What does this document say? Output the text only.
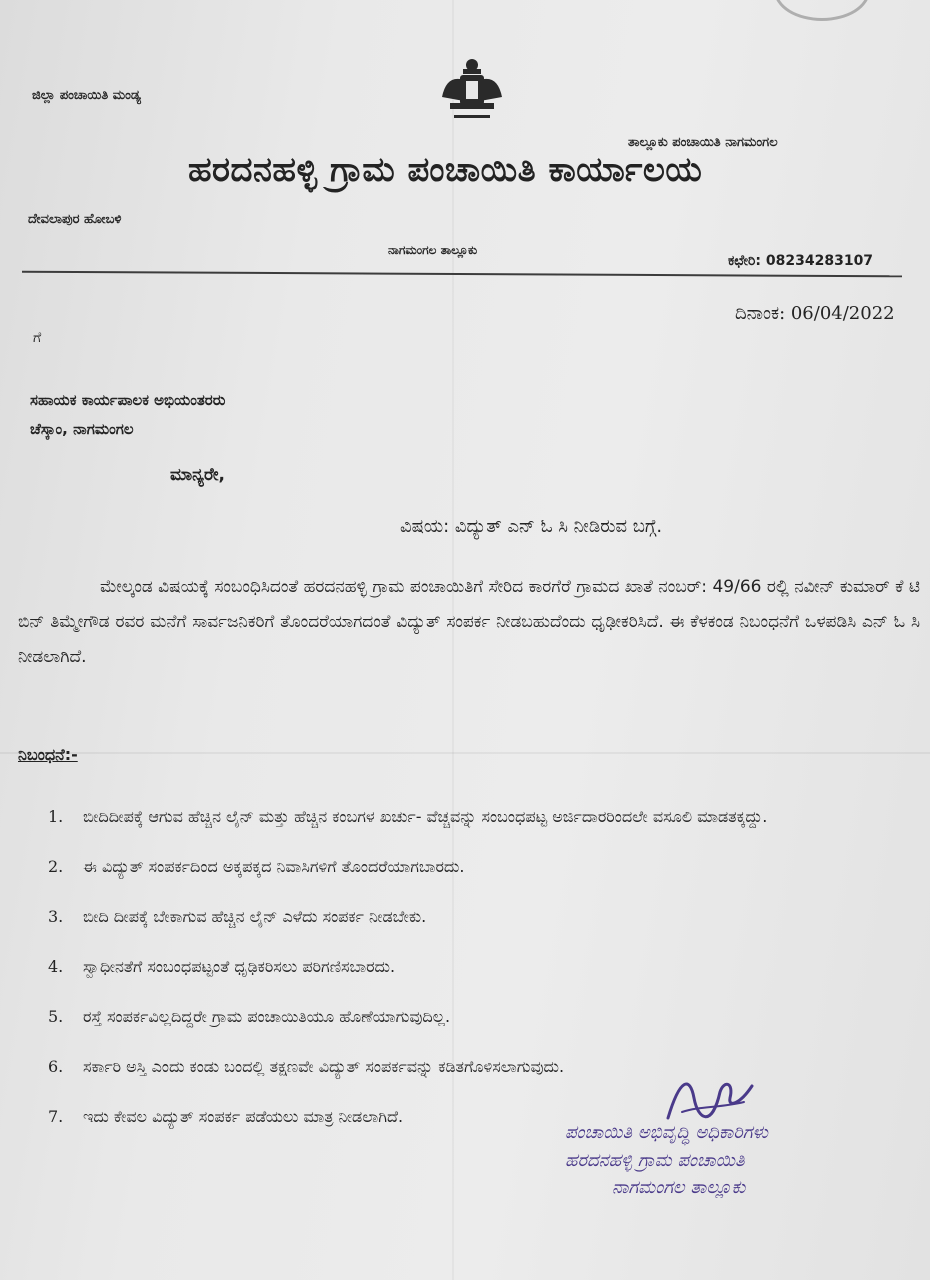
ಜಿಲ್ಲಾ ಪಂಚಾಯಿತಿ ಮಂಡ್ಯ
ತಾಲ್ಲೂಕು ಪಂಚಾಯಿತಿ ನಾಗಮಂಗಲ
ಹರದನಹಳ್ಳಿ ಗ್ರಾಮ ಪಂಚಾಯಿತಿ ಕಾರ್ಯಾಲಯ
ದೇವಲಾಪುರ ಹೋಬಳಿ
ನಾಗಮಂಗಲ ತಾಲ್ಲೂಕು
ಕಛೇರಿ: 08234283107
ದಿನಾಂಕ: 06/04/2022
ಗೆ
ಸಹಾಯಕ ಕಾರ್ಯಪಾಲಕ ಅಭಿಯಂತರರು
ಚೆಸ್ಕಾಂ, ನಾಗಮಂಗಲ
ಮಾನ್ಯರೇ,
ವಿಷಯ: ವಿದ್ಯುತ್ ಎನ್ ಓ ಸಿ ನೀಡಿರುವ ಬಗ್ಗೆ.
ಮೇಲ್ಕಂಡ ವಿಷಯಕ್ಕೆ ಸಂಬಂಧಿಸಿದಂತೆ ಹರದನಹಳ್ಳಿ ಗ್ರಾಮ ಪಂಚಾಯಿತಿಗೆ ಸೇರಿದ ಕಾರಗೆರೆ ಗ್ರಾಮದ ಖಾತೆ ನಂಬರ್: 49/66 ರಲ್ಲಿ ನವೀನ್ ಕುಮಾರ್ ಕೆ ಟಿ ಬಿನ್ ತಿಮ್ಮೇಗೌಡ ರವರ ಮನೆಗೆ ಸಾರ್ವಜನಿಕರಿಗೆ ತೊಂದರೆಯಾಗದಂತೆ ವಿದ್ಯುತ್ ಸಂಪರ್ಕ ನೀಡಬಹುದೆಂದು ಧೃಢೀಕರಿಸಿದೆ. ಈ ಕೆಳಕಂಡ ನಿಬಂಧನೆಗೆ ಒಳಪಡಿಸಿ ಎನ್ ಓ ಸಿ ನೀಡಲಾಗಿದೆ.
ನಿಬಂಧನೆ:-
1. ಬೀದಿದೀಪಕ್ಕೆ ಆಗುವ ಹೆಚ್ಚಿನ ಲೈನ್ ಮತ್ತು ಹೆಚ್ಚಿನ ಕಂಬಗಳ ಖರ್ಚು- ವೆಚ್ಚವನ್ನು ಸಂಬಂಧಪಟ್ಟ ಅರ್ಜಿದಾರರಿಂದಲೇ ವಸೂಲಿ ಮಾಡತಕ್ಕದ್ದು.
2. ಈ ವಿದ್ಯುತ್ ಸಂಪರ್ಕದಿಂದ ಅಕ್ಕಪಕ್ಕದ ನಿವಾಸಿಗಳಿಗೆ ತೊಂದರೆಯಾಗಬಾರದು.
3. ಬೀದಿ ದೀಪಕ್ಕೆ ಬೇಕಾಗುವ ಹೆಚ್ಚಿನ ಲೈನ್ ಎಳೆದು ಸಂಪರ್ಕ ನೀಡಬೇಕು.
4. ಸ್ವಾಧೀನತೆಗೆ ಸಂಬಂಧಪಟ್ಟಂತೆ ಧೃಢಿಕರಿಸಲು ಪರಿಗಣಿಸಬಾರದು.
5. ರಸ್ತೆ ಸಂಪರ್ಕವಿಲ್ಲದಿದ್ದರೇ ಗ್ರಾಮ ಪಂಚಾಯಿತಿಯೂ ಹೊಣೆಯಾಗುವುದಿಲ್ಲ.
6. ಸರ್ಕಾರಿ ಅಸ್ತಿ ಎಂದು ಕಂಡು ಬಂದಲ್ಲಿ ತಕ್ಷಣವೇ ವಿದ್ಯುತ್ ಸಂಪರ್ಕವನ್ನು ಕಡಿತಗೊಳಿಸಲಾಗುವುದು.
7. ಇದು ಕೇವಲ ವಿದ್ಯುತ್ ಸಂಪರ್ಕ ಪಡೆಯಲು ಮಾತ್ರ ನೀಡಲಾಗಿದೆ.
ಪಂಚಾಯಿತಿ ಅಭಿವೃದ್ಧಿ ಅಧಿಕಾರಿಗಳು
ಹರದನಹಳ್ಳಿ ಗ್ರಾಮ ಪಂಚಾಯಿತಿ
ನಾಗಮಂಗಲ ತಾಲ್ಲೂಕು
